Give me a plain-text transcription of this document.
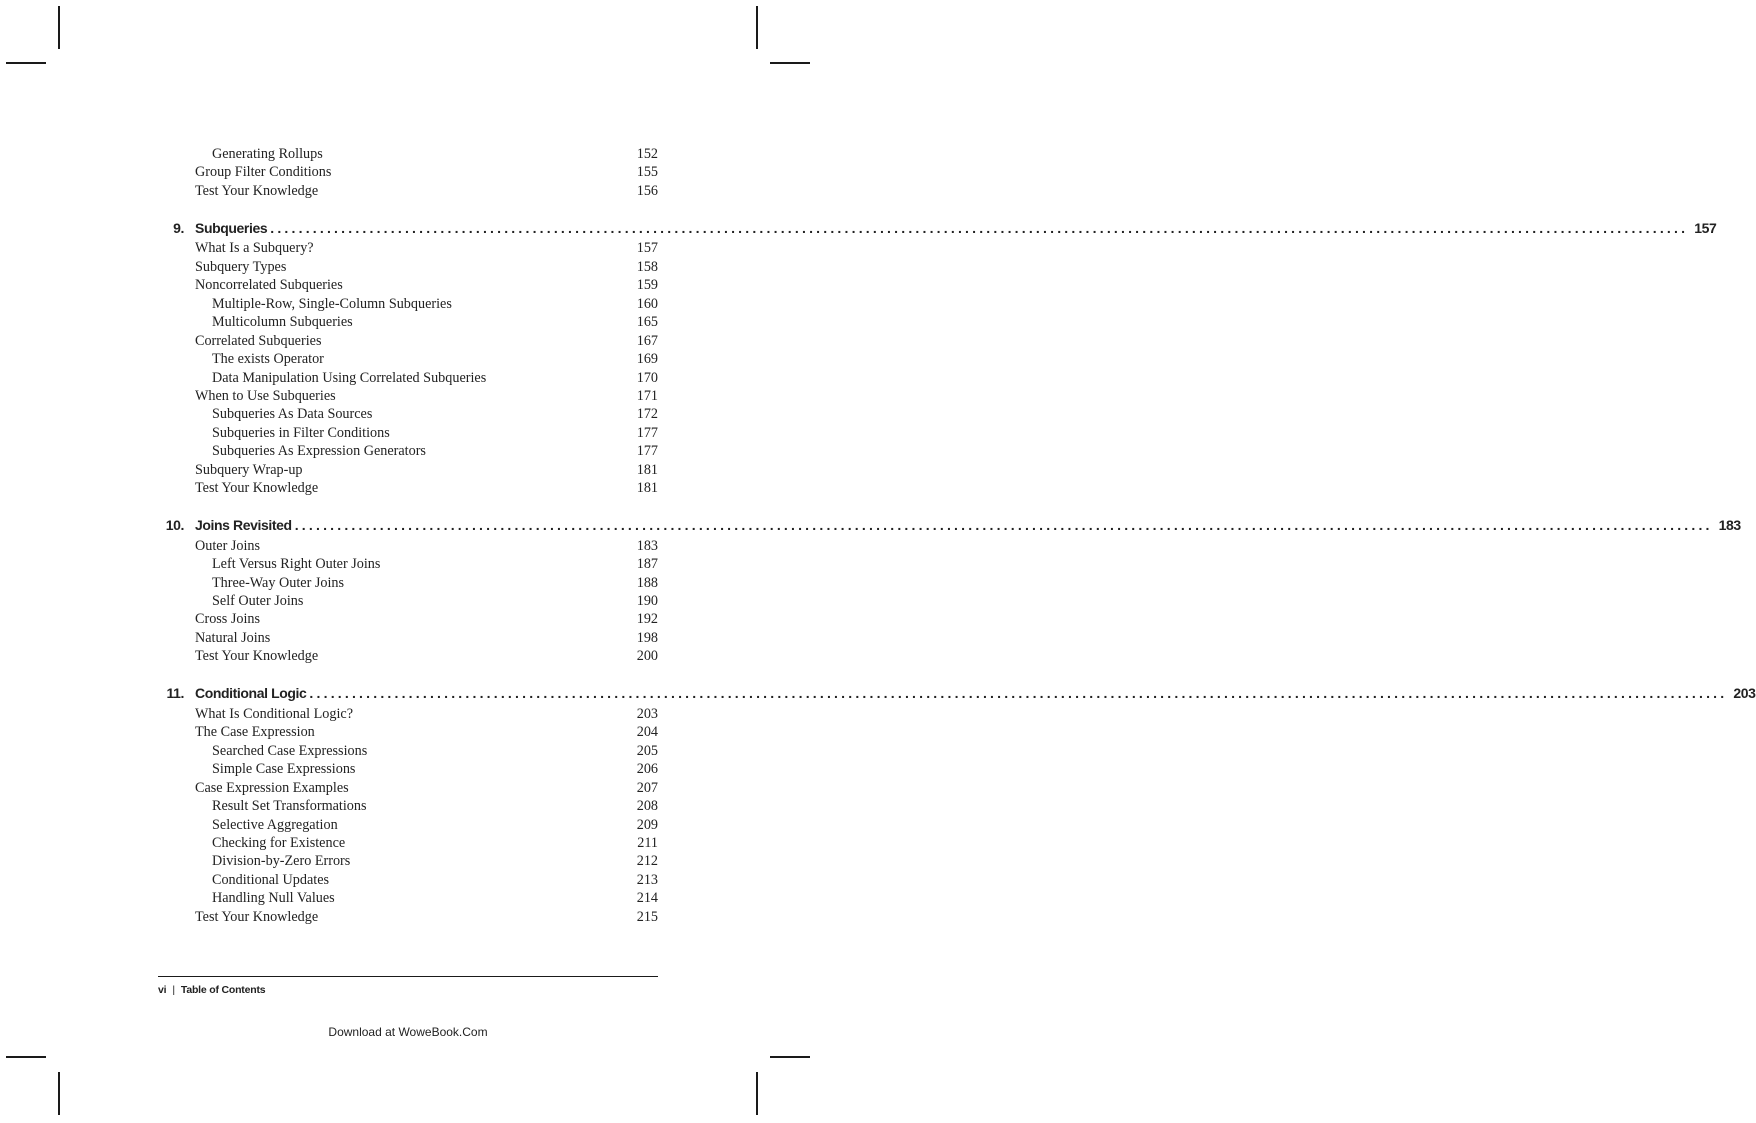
Generating Rollups	152
Group Filter Conditions	155
Test Your Knowledge	156
9. Subqueries ........................................................................................................................................................................................................ 157
What Is a Subquery?	157
Subquery Types	158
Noncorrelated Subqueries	159
Multiple-Row, Single-Column Subqueries	160
Multicolumn Subqueries	165
Correlated Subqueries	167
The exists Operator	169
Data Manipulation Using Correlated Subqueries	170
When to Use Subqueries	171
Subqueries As Data Sources	172
Subqueries in Filter Conditions	177
Subqueries As Expression Generators	177
Subquery Wrap-up	181
Test Your Knowledge	181
10. Joins Revisited ........................................................................................................................................................................................................ 183
Outer Joins	183
Left Versus Right Outer Joins	187
Three-Way Outer Joins	188
Self Outer Joins	190
Cross Joins	192
Natural Joins	198
Test Your Knowledge	200
11. Conditional Logic ........................................................................................................................................................................................................ 203
What Is Conditional Logic?	203
The Case Expression	204
Searched Case Expressions	205
Simple Case Expressions	206
Case Expression Examples	207
Result Set Transformations	208
Selective Aggregation	209
Checking for Existence	211
Division-by-Zero Errors	212
Conditional Updates	213
Handling Null Values	214
Test Your Knowledge	215
vi | Table of Contents
Download at WoweBook.Com
